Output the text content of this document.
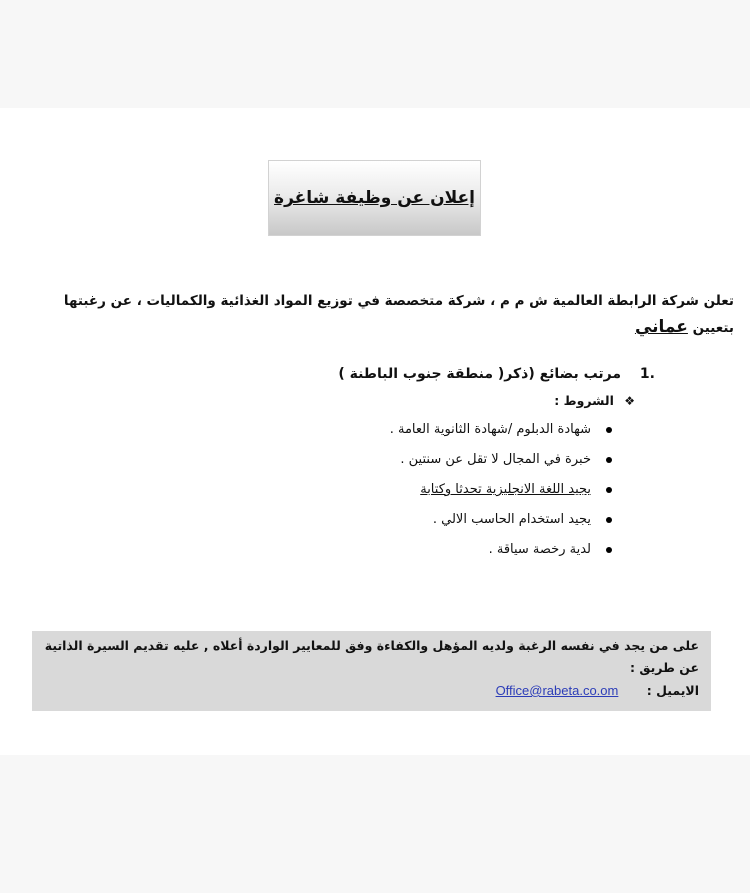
إعلان عن وظيفة شاغرة
تعلن شركة الرابطة العالمية ش م م ، شركة متخصصة في توزيع المواد الغذائية والكماليات ، عن رغبتها
بتعيين عماني
.1 مرتب بضائع (ذكر( منطقة جنوب الباطنة )
❖ الشروط :
شهادة الدبلوم /شهادة الثانوية العامة .
خبرة في المجال لا تقل عن سنتين .
يجيد اللغة الانجليزية تحدثا وكتابة
يجيد استخدام الحاسب الالي .
لدية رخصة سياقة .
على من يجد في نفسه الرغبة ولديه المؤهل والكفاءة وفق للمعايير الواردة أعلاه , عليه تقديم السيرة الذاتية عن طريق :
الايميل : Office@rabeta.co.om
